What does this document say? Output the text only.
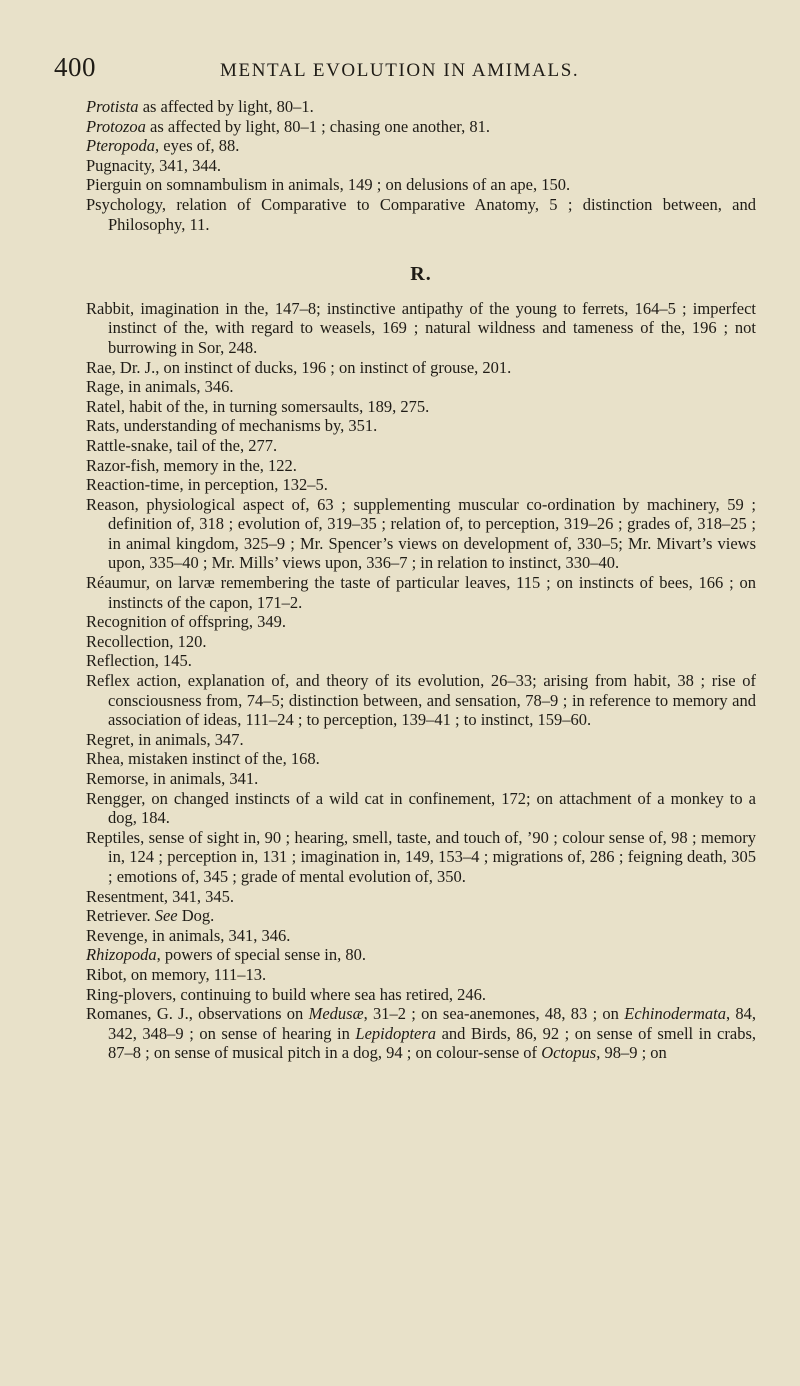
400	MENTAL EVOLUTION IN AMIMALS.

Protista as affected by light, 80–1.

Protozoa as affected by light, 80–1 ; chasing one another, 81.

Pteropoda, eyes of, 88.

Pugnacity, 341, 344.

Pierguin on somnambulism in animals, 149 ; on delusions of an ape, 150.

Psychology, relation of Comparative to Comparative Anatomy, 5 ; distinction between, and Philosophy, 11.

R.

Rabbit, imagination in the, 147–8; instinctive antipathy of the young to ferrets, 164–5 ; imperfect instinct of the, with regard to weasels, 169 ; natural wildness and tameness of the, 196 ; not burrowing in Sor, 248.

Rae, Dr. J., on instinct of ducks, 196 ; on instinct of grouse, 201.

Rage, in animals, 346.

Ratel, habit of the, in turning somersaults, 189, 275.

Rats, understanding of mechanisms by, 351.

Rattle-snake, tail of the, 277.

Razor-fish, memory in the, 122.

Reaction-time, in perception, 132–5.

Reason, physiological aspect of, 63 ; supplementing muscular co-ordination by machinery, 59 ; definition of, 318 ; evolution of, 319–35 ; relation of, to perception, 319–26 ; grades of, 318–25 ; in animal kingdom, 325–9 ; Mr. Spencer’s views on development of, 330–5; Mr. Mivart’s views upon, 335–40 ; Mr. Mills’ views upon, 336–7 ; in relation to instinct, 330–40.

Réaumur, on larvæ remembering the taste of particular leaves, 115 ; on instincts of bees, 166 ; on instincts of the capon, 171–2.

Recognition of offspring, 349.

Recollection, 120.

Reflection, 145.

Reflex action, explanation of, and theory of its evolution, 26–33; arising from habit, 38 ; rise of consciousness from, 74–5; distinction between, and sensation, 78–9 ; in reference to memory and association of ideas, 111–24 ; to perception, 139–41 ; to instinct, 159–60.

Regret, in animals, 347.

Rhea, mistaken instinct of the, 168.

Remorse, in animals, 341.

Rengger, on changed instincts of a wild cat in confinement, 172; on attachment of a monkey to a dog, 184.

Reptiles, sense of sight in, 90 ; hearing, smell, taste, and touch of, ’90 ; colour sense of, 98 ; memory in, 124 ; perception in, 131 ; imagination in, 149, 153–4 ; migrations of, 286 ; feigning death, 305 ; emotions of, 345 ; grade of mental evolution of, 350.

Resentment, 341, 345.

Retriever. See Dog.

Revenge, in animals, 341, 346.

Rhizopoda, powers of special sense in, 80.

Ribot, on memory, 111–13.

Ring-plovers, continuing to build where sea has retired, 246.

Romanes, G. J., observations on Medusæ, 31–2 ; on sea-anemones, 48, 83 ; on Echinodermata, 84, 342, 348–9 ; on sense of hearing in Lepidoptera and Birds, 86, 92 ; on sense of smell in crabs, 87–8 ; on sense of musical pitch in a dog, 94 ; on colour-sense of Octopus, 98–9 ; on
